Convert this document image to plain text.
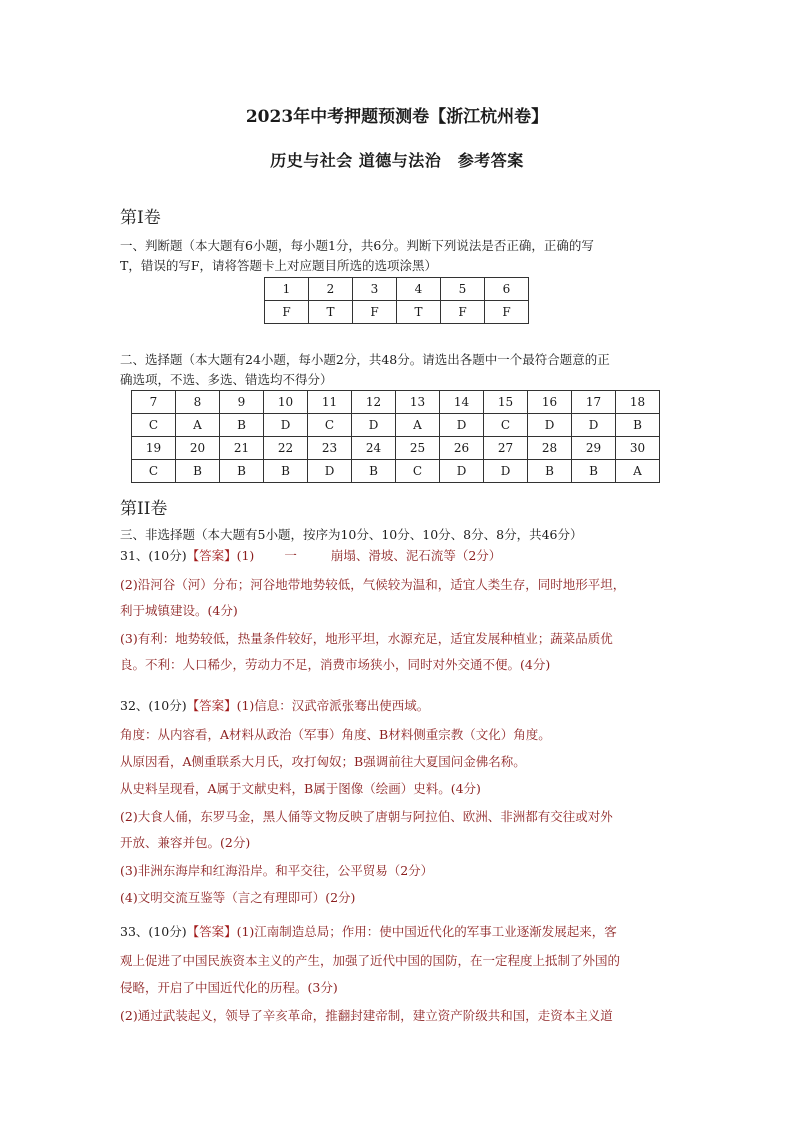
2023年中考押题预测卷【浙江杭州卷】
历史与社会 道德与法治　参考答案
第Ⅰ卷
一、判断题（本大题有6小题，每小题1分，共6分。判断下列说法是否正确，正确的写
T，错误的写F，请将答题卡上对应题目所选的选项涂黑）
1	2	3	4	5	6
F	T	F	T	F	F
二、选择题（本大题有24小题，每小题2分，共48分。请选出各题中一个最符合题意的正
确选项，不选、多选、错选均不得分）
7	8	9	10	11	12	13	14	15	16	17	18
C	A	B	D	C	D	A	D	C	D	D	B
19	20	21	22	23	24	25	26	27	28	29	30
C	B	B	B	D	B	C	D	D	B	B	A
第II卷
三、非选择题（本大题有5小题，按序为10分、10分、10分、8分、8分，共46分）
31、(10分)【答案】(1) 一	崩塌、滑坡、泥石流等（2分）
(2)沿河谷（河）分布；河谷地带地势较低，气候较为温和，适宜人类生存，同时地形平坦，
利于城镇建设。(4分)
(3)有利：地势较低，热量条件较好，地形平坦，水源充足，适宜发展种植业；蔬菜品质优
良。不利：人口稀少，劳动力不足，消费市场狭小，同时对外交通不便。(4分)
32、(10分)【答案】(1)信息：汉武帝派张骞出使西域。
角度：从内容看，A材料从政治（军事）角度、B材料侧重宗教（文化）角度。
从原因看，A侧重联系大月氏，攻打匈奴；B强调前往大夏国问金佛名称。
从史料呈现看，A属于文献史料，B属于图像（绘画）史料。(4分)
(2)大食人俑，东罗马金，黑人俑等文物反映了唐朝与阿拉伯、欧洲、非洲都有交往或对外
开放、兼容并包。(2分)
(3)非洲东海岸和红海沿岸。和平交往，公平贸易（2分）
(4)文明交流互鉴等（言之有理即可）(2分)
33、(10分)【答案】(1)江南制造总局；作用：使中国近代化的军事工业逐渐发展起来，客
观上促进了中国民族资本主义的产生，加强了近代中国的国防，在一定程度上抵制了外国的
侵略，开启了中国近代化的历程。(3分)
(2)通过武装起义，领导了辛亥革命，推翻封建帝制，建立资产阶级共和国，走资本主义道
